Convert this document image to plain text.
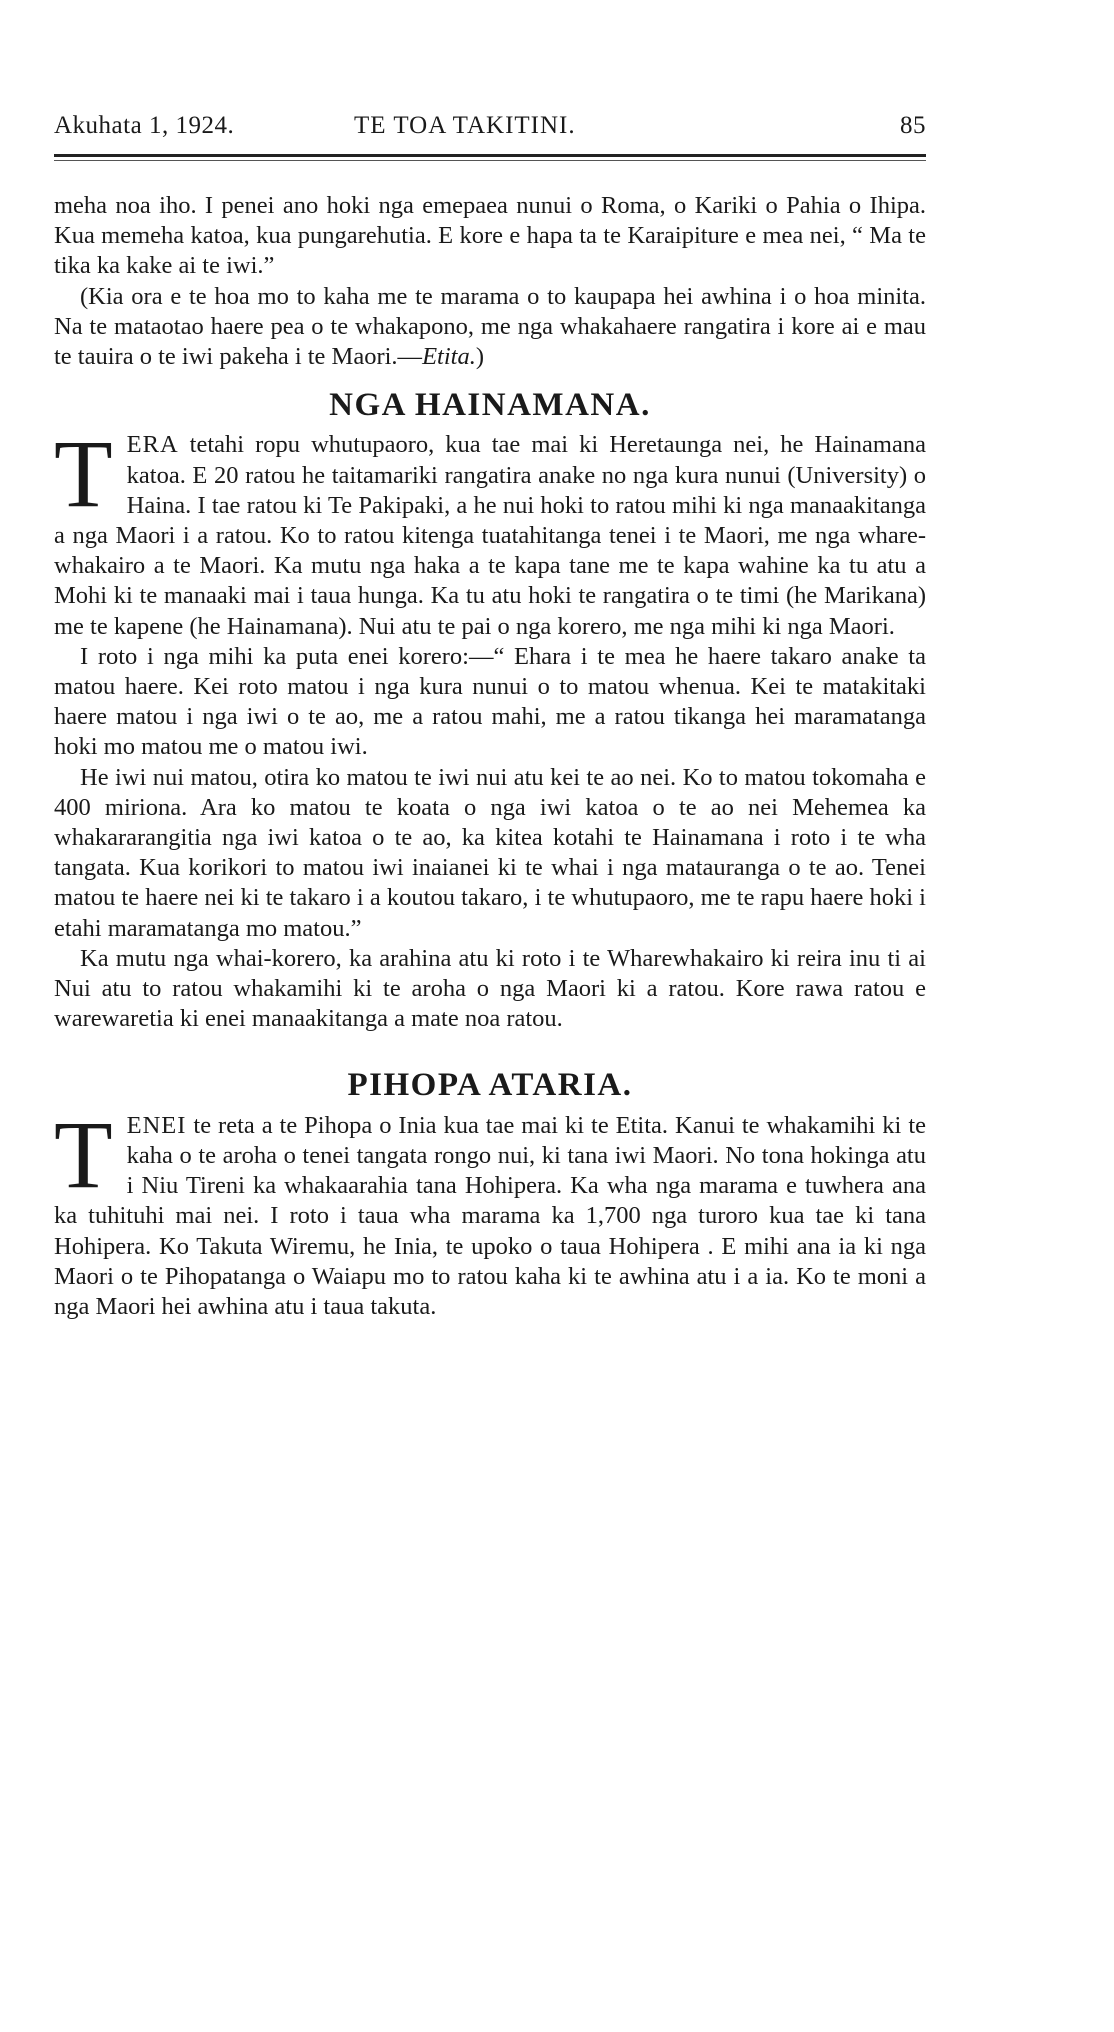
Akuhata 1, 1924.	TE TOA TAKITINI.	85

meha noa iho. I penei ano hoki nga emepaea nunui o Roma, o Kariki o Pahia o Ihipa. Kua memeha katoa, kua pungarehutia. E kore e hapa ta te Karaipiture e mea nei, “ Ma te tika ka kake ai te iwi.”

(Kia ora e te hoa mo to kaha me te marama o to kaupapa hei awhina i o hoa minita. Na te mataotao haere pea o te whakapono, me nga whakahaere rangatira i kore ai e mau te tauira o te iwi pakeha i te Maori.—Etita.)

NGA HAINAMANA.

TERA tetahi ropu whutupaoro, kua tae mai ki Heretaunga nei, he Hainamana katoa. E 20 ratou he taitamariki rangatira anake no nga kura nunui (University) o Haina. I tae ratou ki Te Pakipaki, a he nui hoki to ratou mihi ki nga manaakitanga a nga Maori i a ratou. Ko to ratou kitenga tuatahitanga tenei i te Maori, me nga whare-whakairo a te Maori. Ka mutu nga haka a te kapa tane me te kapa wahine ka tu atu a Mohi ki te manaaki mai i taua hunga. Ka tu atu hoki te rangatira o te timi (he Marikana) me te kapene (he Hainamana). Nui atu te pai o nga korero, me nga mihi ki nga Maori.

I roto i nga mihi ka puta enei korero:—“ Ehara i te mea he haere takaro anake ta matou haere. Kei roto matou i nga kura nunui o to matou whenua. Kei te matakitaki haere matou i nga iwi o te ao, me a ratou mahi, me a ratou tikanga hei maramatanga hoki mo matou me o matou iwi.

He iwi nui matou, otira ko matou te iwi nui atu kei te ao nei. Ko to matou tokomaha e 400 miriona. Ara ko matou te koata o nga iwi katoa o te ao nei Mehemea ka whakararangitia nga iwi katoa o te ao, ka kitea kotahi te Hainamana i roto i te wha tangata. Kua korikori to matou iwi inaianei ki te whai i nga matauranga o te ao. Tenei matou te haere nei ki te takaro i a koutou takaro, i te whutupaoro, me te rapu haere hoki i etahi maramatanga mo matou.”

Ka mutu nga whai-korero, ka arahina atu ki roto i te Wharewhakairo ki reira inu ti ai Nui atu to ratou whakamihi ki te aroha o nga Maori ki a ratou. Kore rawa ratou e warewaretia ki enei manaakitanga a mate noa ratou.

PIHOPA ATARIA.

TENEI te reta a te Pihopa o Inia kua tae mai ki te Etita. Kanui te whakamihi ki te kaha o te aroha o tenei tangata rongo nui, ki tana iwi Maori. No tona hokinga atu i Niu Tireni ka whakaarahia tana Hohipera. Ka wha nga marama e tuwhera ana ka tuhituhi mai nei. I roto i taua wha marama ka 1,700 nga turoro kua tae ki tana Hohipera. Ko Takuta Wiremu, he Inia, te upoko o taua Hohipera . E mihi ana ia ki nga Maori o te Pihopatanga o Waiapu mo to ratou kaha ki te awhina atu i a ia. Ko te moni a nga Maori hei awhina atu i taua takuta.
